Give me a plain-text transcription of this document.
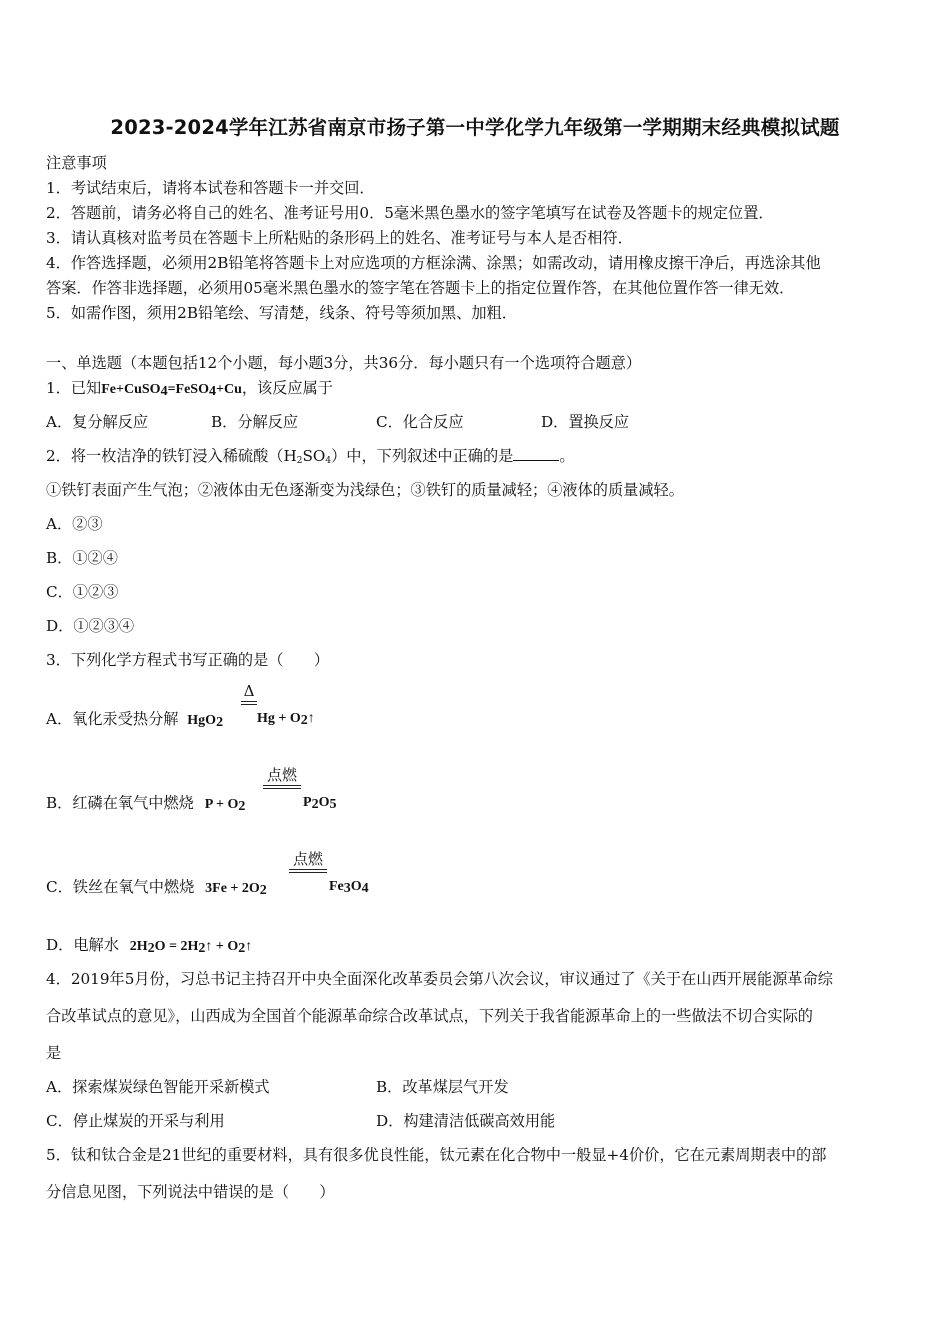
2023-2024学年江苏省南京市扬子第一中学化学九年级第一学期期末经典模拟试题
注意事项
1．考试结束后，请将本试卷和答题卡一并交回．
2．答题前，请务必将自己的姓名、准考证号用0．5毫米黑色墨水的签字笔填写在试卷及答题卡的规定位置．
3．请认真核对监考员在答题卡上所粘贴的条形码上的姓名、准考证号与本人是否相符．
4．作答选择题，必须用2B铅笔将答题卡上对应选项的方框涂满、涂黑；如需改动，请用橡皮擦干净后，再选涂其他
答案．作答非选择题，必须用05毫米黑色墨水的签字笔在答题卡上的指定位置作答，在其他位置作答一律无效．
5．如需作图，须用2B铅笔绘、写清楚，线条、符号等须加黑、加粗．
一、单选题（本题包括12个小题，每小题3分，共36分．每小题只有一个选项符合题意）
1．已知Fe+CuSO$_4$=FeSO$_4$+Cu，该反应属于
A．复分解反应	B．分解反应	C．化合反应	D．置换反应
2．将一枚洁净的铁钉浸入稀硫酸$(H_2SO_4)$中，下列叙述中正确的是	。
①铁钉表面产生气泡；②液体由无色逐渐变为浅绿色；③铁钉的质量减轻；④液体的质量减轻。
A．②③
B．①②④
C．①②③
D．①②③④
3．下列化学方程式书写正确的是（　　）
A．氧化汞受热分解 HgO$_2$
Δ
$Hg + O_2↑$
B．红磷在氧气中燃烧 $P + O_2$
点燃
$P_2O_5$
C．铁丝在氧气中燃烧 $3Fe + 2O_2$
点燃
$Fe_3O_4$
D．电解水 $2H_2O$ = $2H_2↑$ + $O_2↑$
4．2019年5月份，习总书记主持召开中央全面深化改革委员会第八次会议，审议通过了《关于在山西开展能源革命综
合改革试点的意见》，山西成为全国首个能源革命综合改革试点，下列关于我省能源革命上的一些做法不切合实际的
是
A．探索煤炭绿色智能开采新模式	B．改革煤层气开发
C．停止煤炭的开采与利用	D．构建清洁低碳高效用能
5．钛和钛合金是21世纪的重要材料，具有很多优良性能，钛元素在化合物中一般显+4价价，它在元素周期表中的部
分信息见图，下列说法中错误的是（　　）
